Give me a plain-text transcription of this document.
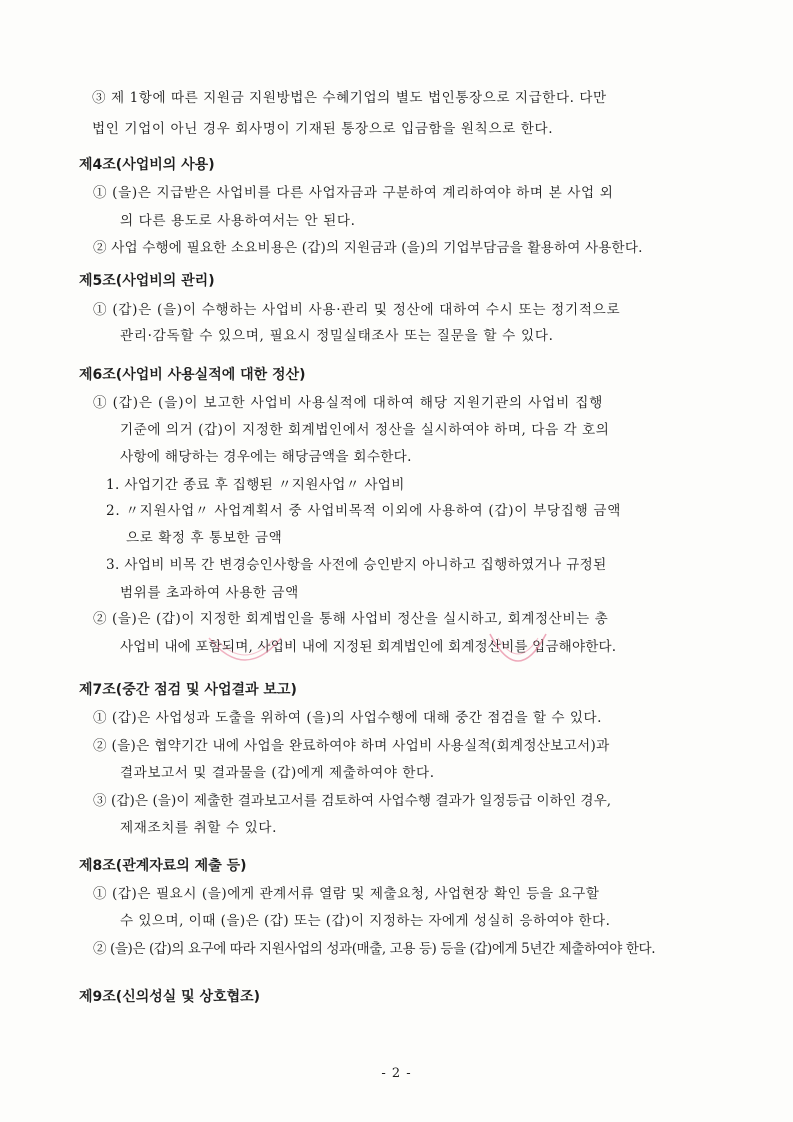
③ 제 1항에 따른 지원금 지원방법은 수혜기업의 별도 법인통장으로 지급한다. 다만
법인 기업이 아닌 경우 회사명이 기재된 통장으로 입금함을 원칙으로 한다.
제4조(사업비의 사용)
① (을)은 지급받은 사업비를 다른 사업자금과 구분하여 계리하여야 하며 본 사업 외
의 다른 용도로 사용하여서는 안 된다.
② 사업 수행에 필요한 소요비용은 (갑)의 지원금과 (을)의 기업부담금을 활용하여 사용한다.
제5조(사업비의 관리)
① (갑)은 (을)이 수행하는 사업비 사용·관리 및 정산에 대하여 수시 또는 정기적으로
관리·감독할 수 있으며, 필요시 정밀실태조사 또는 질문을 할 수 있다.
제6조(사업비 사용실적에 대한 정산)
① (갑)은 (을)이 보고한 사업비 사용실적에 대하여 해당 지원기관의 사업비 집행
기준에 의거 (갑)이 지정한 회계법인에서 정산을 실시하여야 하며, 다음 각 호의
사항에 해당하는 경우에는 해당금액을 회수한다.
1. 사업기간 종료 후 집행된 〃지원사업〃 사업비
2. 〃지원사업〃 사업계획서 중 사업비목적 이외에 사용하여 (갑)이 부당집행 금액
으로 확정 후 통보한 금액
3. 사업비 비목 간 변경승인사항을 사전에 승인받지 아니하고 집행하였거나 규정된
범위를 초과하여 사용한 금액
② (을)은 (갑)이 지정한 회계법인을 통해 사업비 정산을 실시하고, 회계정산비는 총
사업비 내에 포함되며, 사업비 내에 지정된 회계법인에 회계정산비를 입금해야한다.
제7조(중간 점검 및 사업결과 보고)
① (갑)은 사업성과 도출을 위하여 (을)의 사업수행에 대해 중간 점검을 할 수 있다.
② (을)은 협약기간 내에 사업을 완료하여야 하며 사업비 사용실적(회계정산보고서)과
결과보고서 및 결과물을 (갑)에게 제출하여야 한다.
③ (갑)은 (을)이 제출한 결과보고서를 검토하여 사업수행 결과가 일정등급 이하인 경우,
제재조치를 취할 수 있다.
제8조(관계자료의 제출 등)
① (갑)은 필요시 (을)에게 관계서류 열람 및 제출요청, 사업현장 확인 등을 요구할
수 있으며, 이때 (을)은 (갑) 또는 (갑)이 지정하는 자에게 성실히 응하여야 한다.
② (을)은 (갑)의 요구에 따라 지원사업의 성과(매출, 고용 등) 등을 (갑)에게 5년간 제출하여야 한다.
제9조(신의성실 및 상호협조)
- 2 -
